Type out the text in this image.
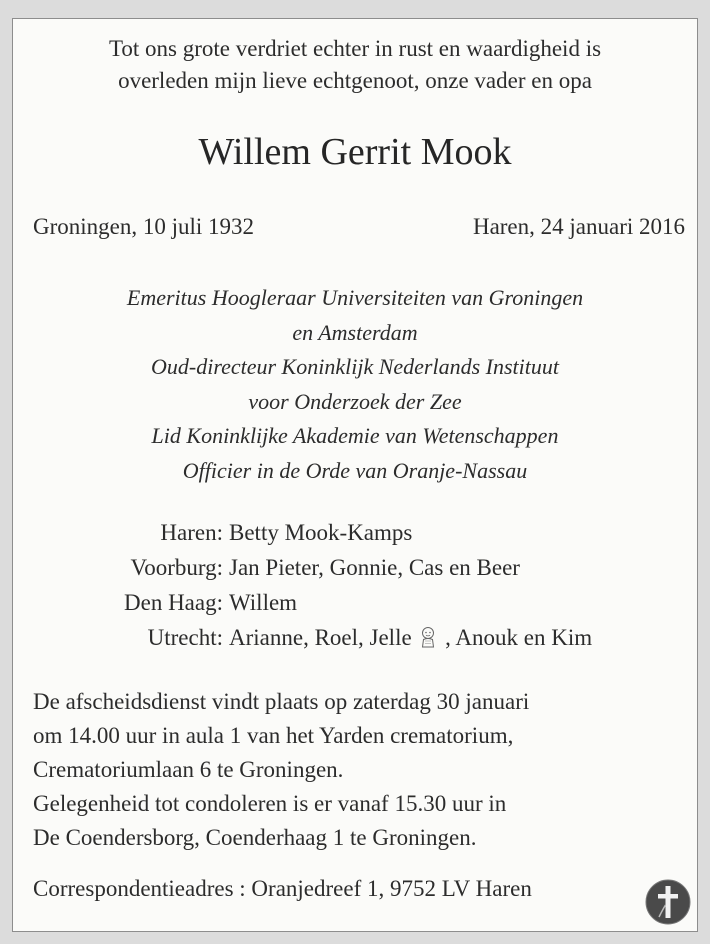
Tot ons grote verdriet echter in rust en waardigheid is
overleden mijn lieve echtgenoot, onze vader en opa
Willem Gerrit Mook
Groningen, 10 juli 1932	Haren, 24 januari 2016
Emeritus Hoogleraar Universiteiten van Groningen
en Amsterdam
Oud-directeur Koninklijk Nederlands Instituut
voor Onderzoek der Zee
Lid Koninklijke Akademie van Wetenschappen
Officier in de Orde van Oranje-Nassau
Haren: Betty Mook-Kamps
Voorburg: Jan Pieter, Gonnie, Cas en Beer
Den Haag: Willem
Utrecht: Arianne, Roel, Jelle , Anouk en Kim
De afscheidsdienst vindt plaats op zaterdag 30 januari
om 14.00 uur in aula 1 van het Yarden crematorium,
Crematoriumlaan 6 te Groningen.
Gelegenheid tot condoleren is er vanaf 15.30 uur in
De Coendersborg, Coenderhaag 1 te Groningen.
Correspondentieadres : Oranjedreef 1, 9752 LV Haren
